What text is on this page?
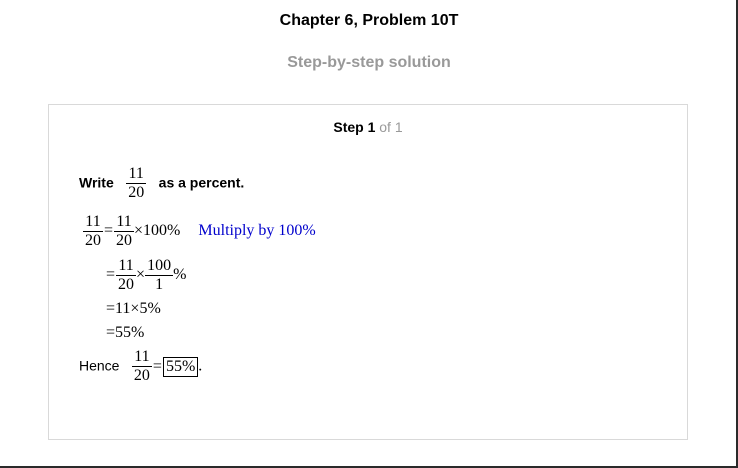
Chapter 6, Problem 10T
Step-by-step solution
Step 1 of 1
Write $\frac{11}{20}$ as a percent.
$\frac{11}{20} = \frac{11}{20} \times 100\%$ Multiply by 100%
= $\frac{11}{20} \times \frac{100}{1}$ %
=11×5%
=55%
Hence $\frac{11}{20} = 55\%$ .
